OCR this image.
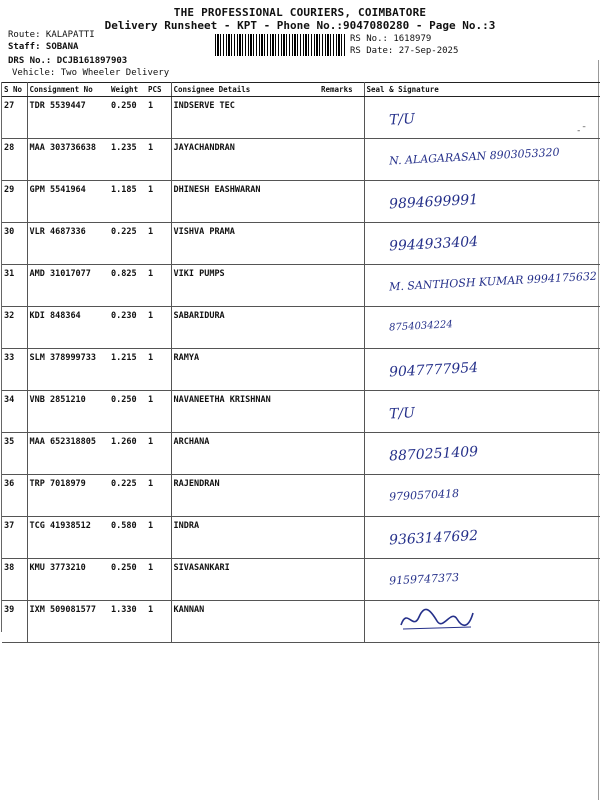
THE PROFESSIONAL COURIERS, COIMBATORE
Delivery Runsheet - KPT - Phone No.:9047080280 - Page No.:3
Route: KALAPATTI
Staff: SOBANA
DRS No.: DCJB161897903
Vehicle: Two Wheeler Delivery
RS No.: 1618979
RS Date: 27-Sep-2025
‐ˉ
S No	Consignment No	Weight	PCS	Consignee Details	Remarks	Seal & Signature
27	TDR 5539447	0.250	1	INDSERVE TEC		T/U

28	MAA 303736638	1.235	1	JAYACHANDRAN		N. ALAGARASAN 8903053320

29	GPM 5541964	1.185	1	DHINESH EASHWARAN		9894699991

30	VLR 4687336	0.225	1	VISHVA PRAMA		9944933404

31	AMD 31017077	0.825	1	VIKI PUMPS		M. SANTHOSH KUMAR 9994175632

32	KDI 848364	0.230	1	SABARIDURA		8754034224

33	SLM 378999733	1.215	1	RAMYA		9047777954

34	VNB 2851210	0.250	1	NAVANEETHA KRISHNAN		T/U

35	MAA 652318805	1.260	1	ARCHANA		8870251409

36	TRP 7018979	0.225	1	RAJENDRAN		9790570418

37	TCG 41938512	0.580	1	INDRA		9363147692

38	KMU 3773210	0.250	1	SIVASANKARI		9159747373

39	IXM 509081577	1.330	1	KANNAN		
